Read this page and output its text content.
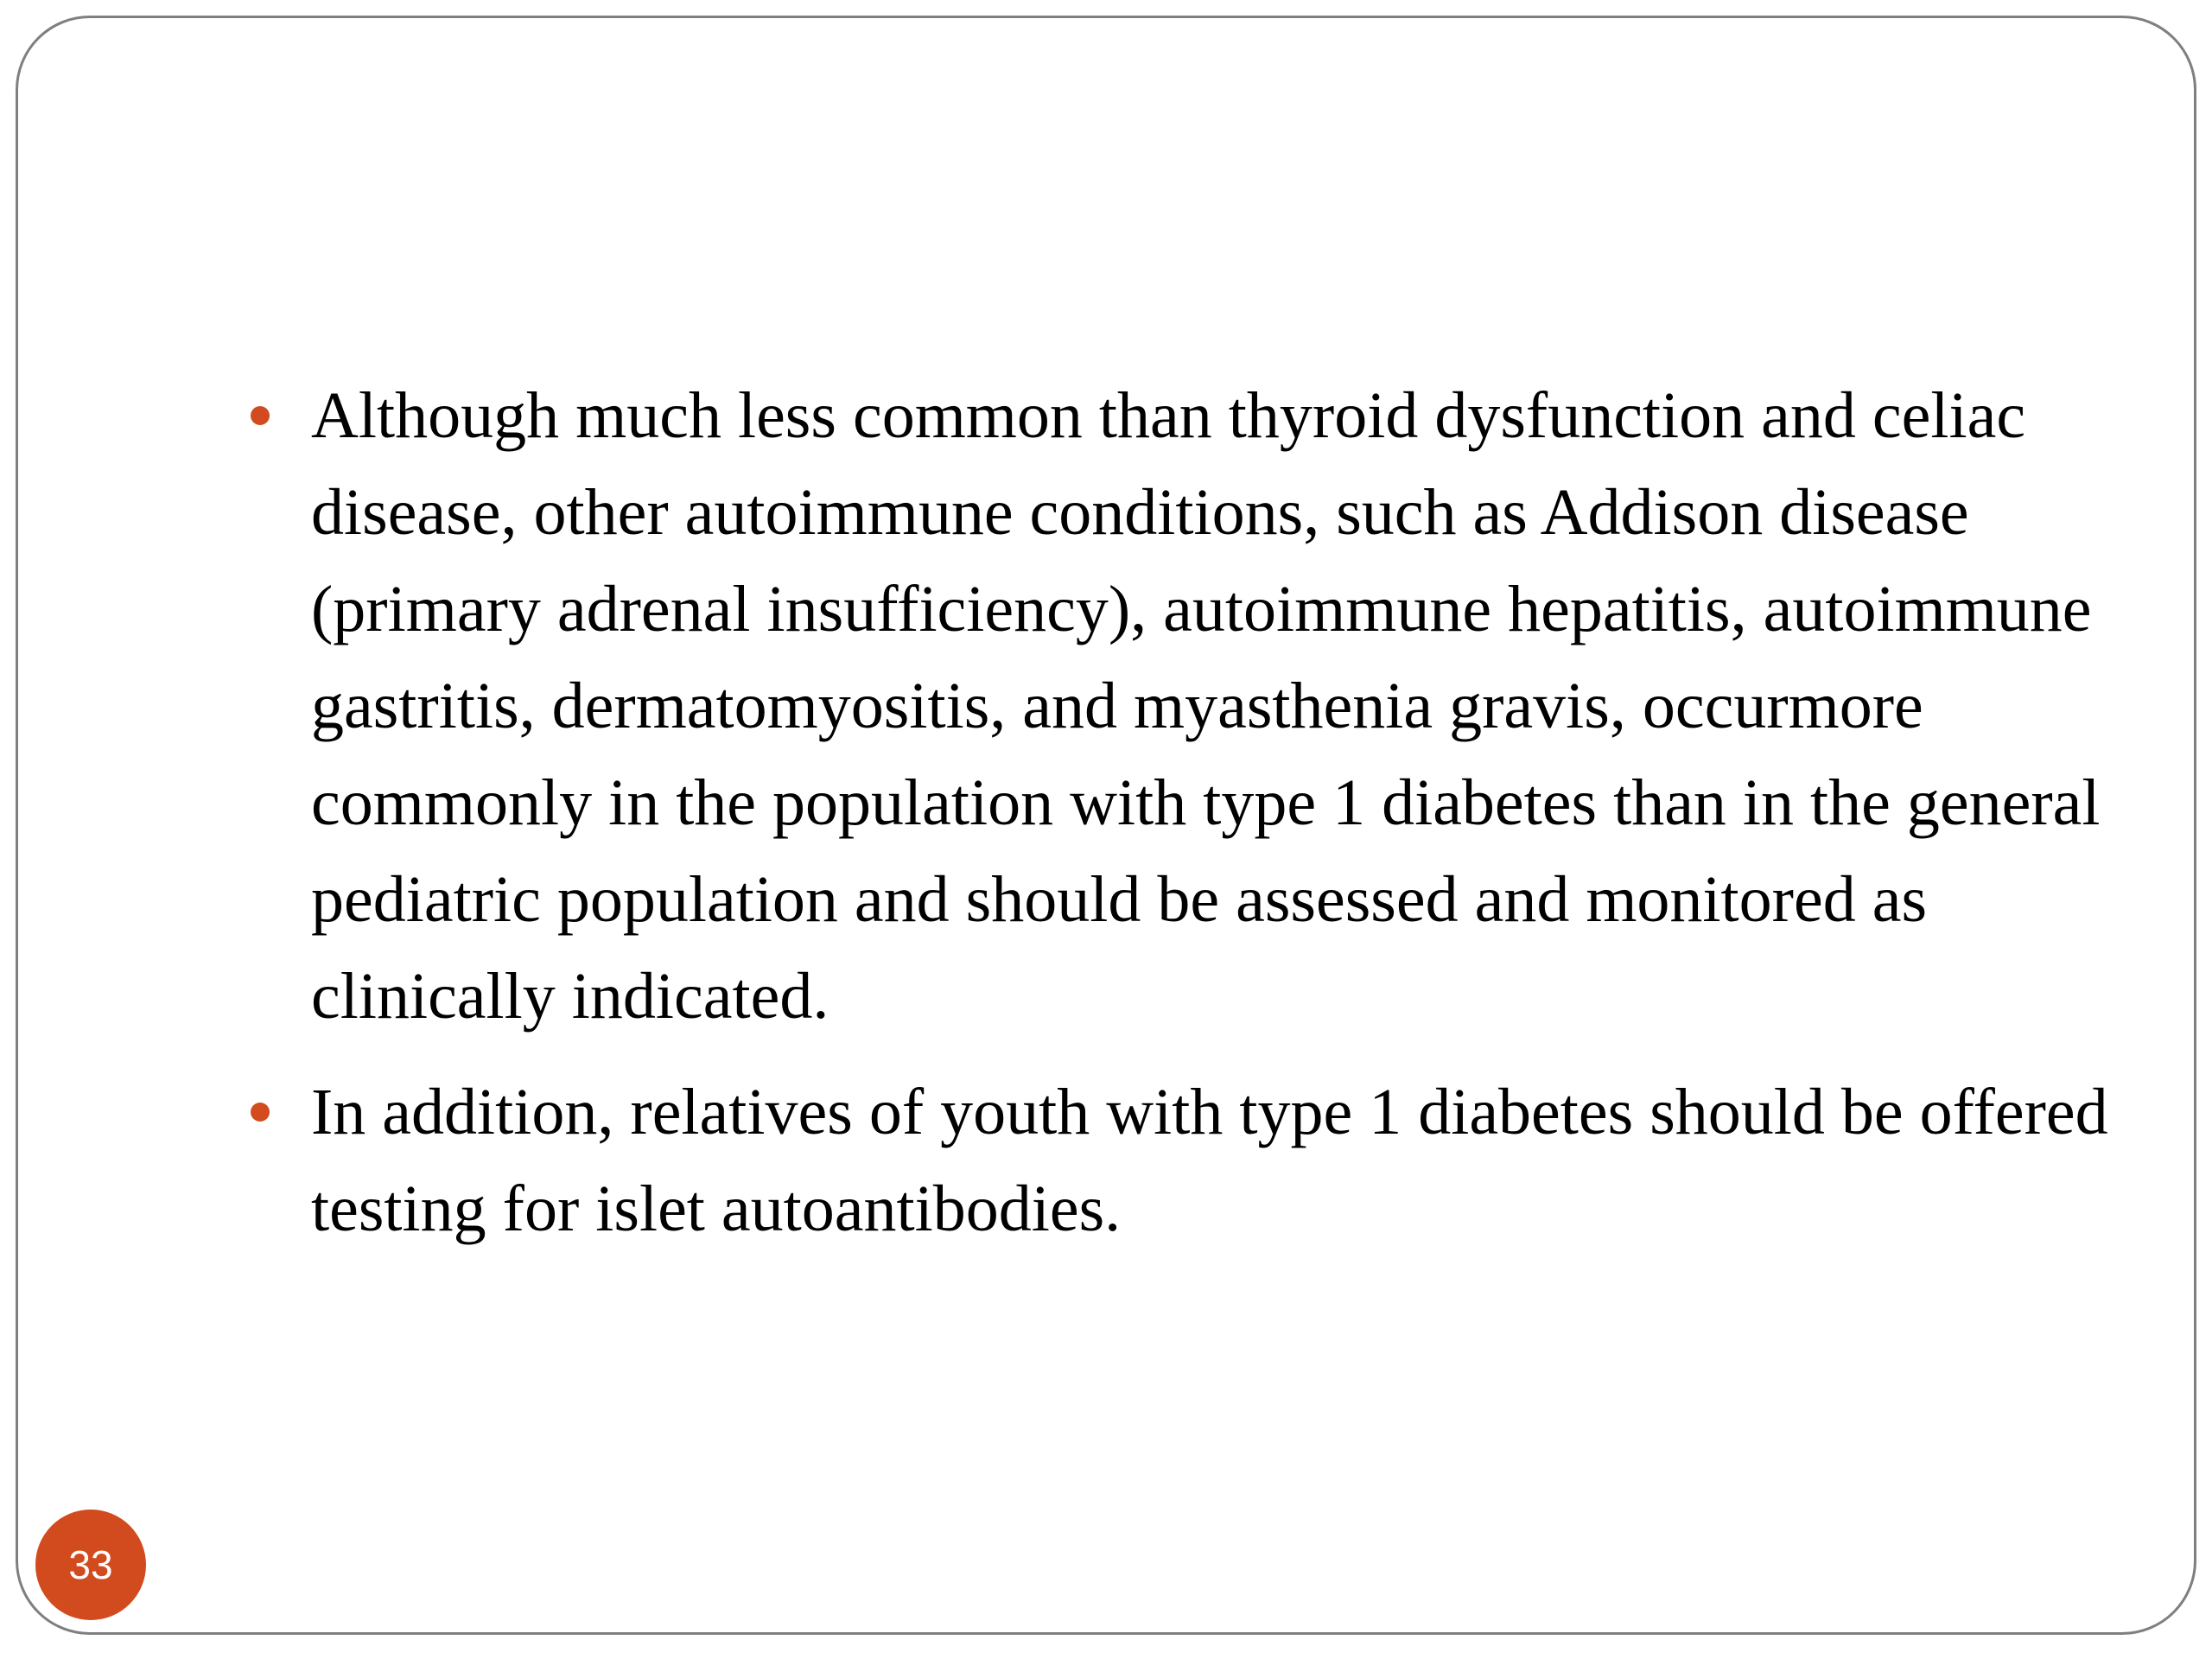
Although much less common than thyroid dysfunction and celiac disease, other autoimmune conditions, such as Addison disease (primary adrenal insufficiency), autoimmune hepatitis, autoimmune gastritis, dermatomyositis, and myasthenia gravis, occurmore commonly in the population with type 1 diabetes than in the general pediatric population and should be assessed and monitored as clinically indicated.
In addition, relatives of youth with type 1 diabetes should be offered testing for islet autoantibodies.
33
